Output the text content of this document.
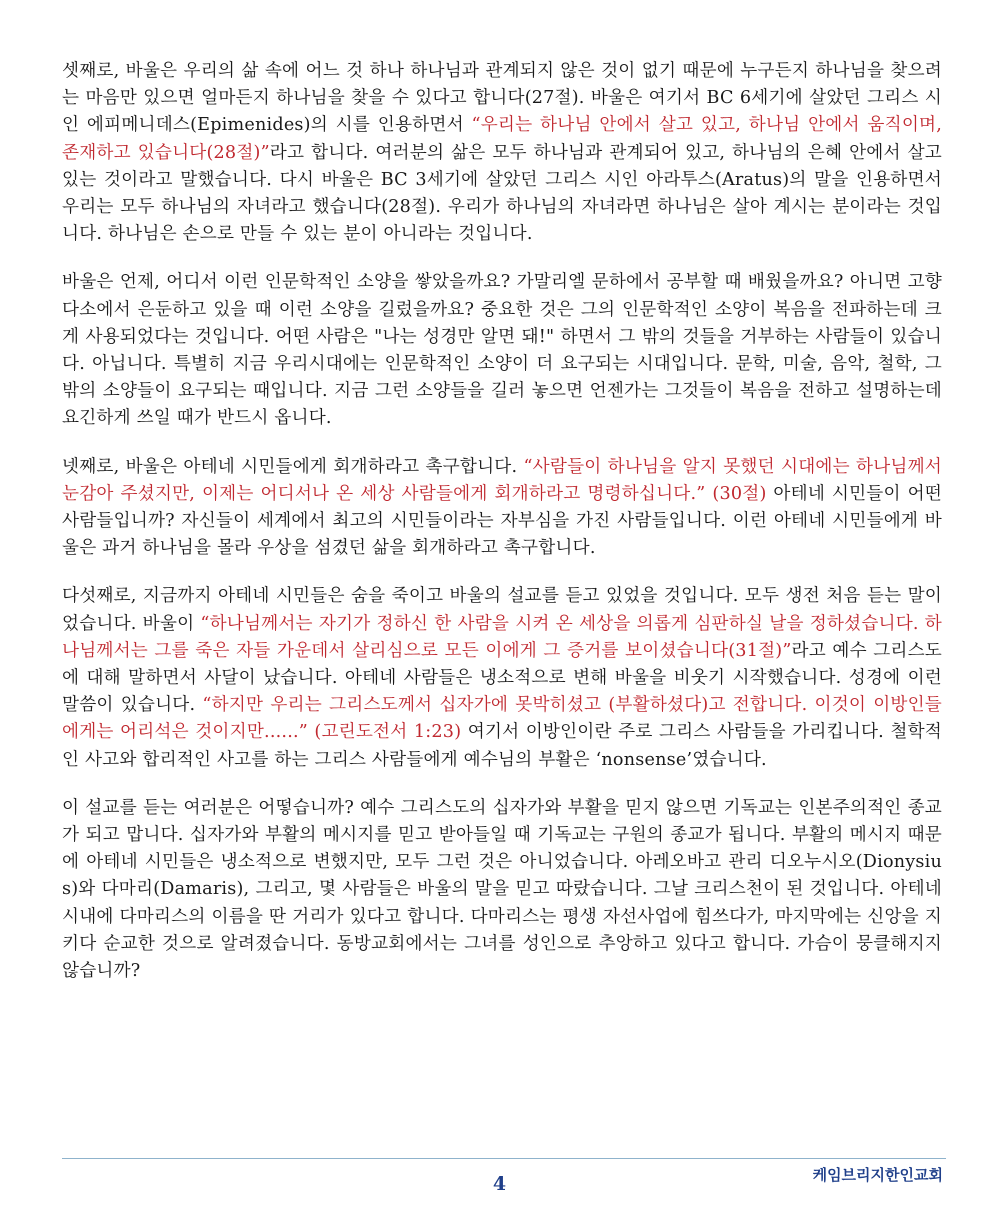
셋째로, 바울은 우리의 삶 속에 어느 것 하나 하나님과 관계되지 않은 것이 없기 때문에 누구든지 하나님을 찾으려는 마음만 있으면 얼마든지 하나님을 찾을 수 있다고 합니다(27절). 바울은 여기서 BC 6세기에 살았던 그리스 시인 에피메니데스(Epimenides)의 시를 인용하면서 “우리는 하나님 안에서 살고 있고, 하나님 안에서 움직이며, 존재하고 있습니다(28절)”라고 합니다. 여러분의 삶은 모두 하나님과 관계되어 있고, 하나님의 은혜 안에서 살고 있는 것이라고 말했습니다. 다시 바울은 BC 3세기에 살았던 그리스 시인 아라투스(Aratus)의 말을 인용하면서 우리는 모두 하나님의 자녀라고 했습니다(28절). 우리가 하나님의 자녀라면 하나님은 살아 계시는 분이라는 것입니다. 하나님은 손으로 만들 수 있는 분이 아니라는 것입니다.

바울은 언제, 어디서 이런 인문학적인 소양을 쌓았을까요? 가말리엘 문하에서 공부할 때 배웠을까요? 아니면 고향 다소에서 은둔하고 있을 때 이런 소양을 길렀을까요? 중요한 것은 그의 인문학적인 소양이 복음을 전파하는데 크게 사용되었다는 것입니다. 어떤 사람은 "나는 성경만 알면 돼!" 하면서 그 밖의 것들을 거부하는 사람들이 있습니다. 아닙니다. 특별히 지금 우리시대에는 인문학적인 소양이 더 요구되는 시대입니다. 문학, 미술, 음악, 철학, 그 밖의 소양들이 요구되는 때입니다. 지금 그런 소양들을 길러 놓으면 언젠가는 그것들이 복음을 전하고 설명하는데 요긴하게 쓰일 때가 반드시 옵니다.

넷째로, 바울은 아테네 시민들에게 회개하라고 촉구합니다. “사람들이 하나님을 알지 못했던 시대에는 하나님께서 눈감아 주셨지만, 이제는 어디서나 온 세상 사람들에게 회개하라고 명령하십니다.” (30절) 아테네 시민들이 어떤 사람들입니까? 자신들이 세계에서 최고의 시민들이라는 자부심을 가진 사람들입니다. 이런 아테네 시민들에게 바울은 과거 하나님을 몰라 우상을 섬겼던 삶을 회개하라고 촉구합니다.

다섯째로, 지금까지 아테네 시민들은 숨을 죽이고 바울의 설교를 듣고 있었을 것입니다. 모두 생전 처음 듣는 말이었습니다. 바울이 “하나님께서는 자기가 정하신 한 사람을 시켜 온 세상을 의롭게 심판하실 날을 정하셨습니다. 하나님께서는 그를 죽은 자들 가운데서 살리심으로 모든 이에게 그 증거를 보이셨습니다(31절)”라고 예수 그리스도에 대해 말하면서 사달이 났습니다. 아테네 사람들은 냉소적으로 변해 바울을 비웃기 시작했습니다. 성경에 이런 말씀이 있습니다. “하지만 우리는 그리스도께서 십자가에 못박히셨고 (부활하셨다)고 전합니다. 이것이 이방인들에게는 어리석은 것이지만......” (고린도전서 1:23) 여기서 이방인이란 주로 그리스 사람들을 가리킵니다. 철학적인 사고와 합리적인 사고를 하는 그리스 사람들에게 예수님의 부활은 ‘nonsense’였습니다.

이 설교를 듣는 여러분은 어떻습니까? 예수 그리스도의 십자가와 부활을 믿지 않으면 기독교는 인본주의적인 종교가 되고 맙니다. 십자가와 부활의 메시지를 믿고 받아들일 때 기독교는 구원의 종교가 됩니다. 부활의 메시지 때문에 아테네 시민들은 냉소적으로 변했지만, 모두 그런 것은 아니었습니다. 아레오바고 관리 디오누시오(Dionysius)와 다마리(Damaris), 그리고, 몇 사람들은 바울의 말을 믿고 따랐습니다. 그날 크리스천이 된 것입니다. 아테네 시내에 다마리스의 이름을 딴 거리가 있다고 합니다. 다마리스는 평생 자선사업에 힘쓰다가, 마지막에는 신앙을 지키다 순교한 것으로 알려졌습니다. 동방교회에서는 그녀를 성인으로 추앙하고 있다고 합니다. 가슴이 뭉클해지지 않습니까?

케임브리지한인교회
4
